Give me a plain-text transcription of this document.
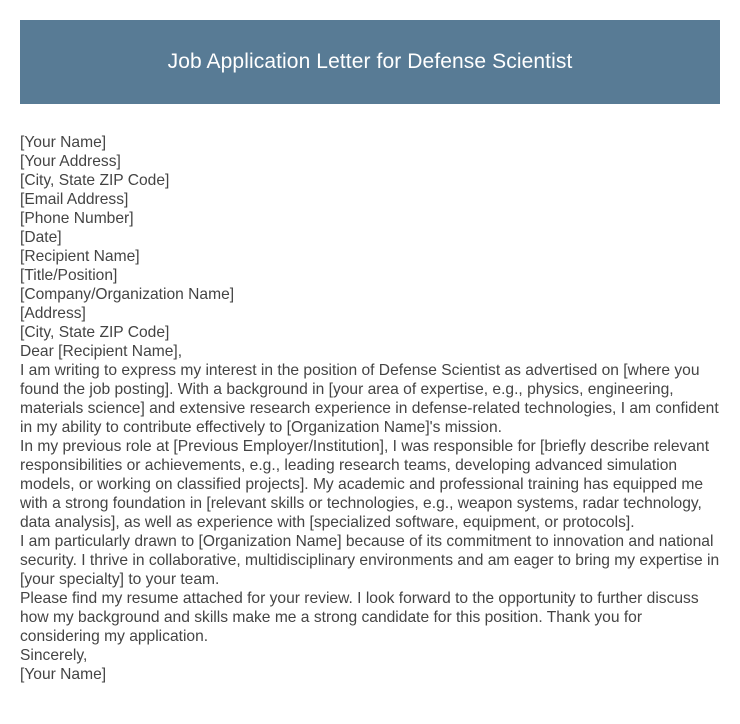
Job Application Letter for Defense Scientist

[Your Name]

[Your Address]

[City, State ZIP Code]

[Email Address]

[Phone Number]

[Date]

[Recipient Name]

[Title/Position]

[Company/Organization Name]

[Address]

[City, State ZIP Code]

Dear [Recipient Name],

I am writing to express my interest in the position of Defense Scientist as advertised on [where you found the job posting]. With a background in [your area of expertise, e.g., physics, engineering, materials science] and extensive research experience in defense-related technologies, I am confident in my ability to contribute effectively to [Organization Name]'s mission.

In my previous role at [Previous Employer/Institution], I was responsible for [briefly describe relevant responsibilities or achievements, e.g., leading research teams, developing advanced simulation models, or working on classified projects]. My academic and professional training has equipped me with a strong foundation in [relevant skills or technologies, e.g., weapon systems, radar technology, data analysis], as well as experience with [specialized software, equipment, or protocols].

I am particularly drawn to [Organization Name] because of its commitment to innovation and national security. I thrive in collaborative, multidisciplinary environments and am eager to bring my expertise in [your specialty] to your team.

Please find my resume attached for your review. I look forward to the opportunity to further discuss how my background and skills make me a strong candidate for this position. Thank you for considering my application.

Sincerely,

[Your Name]
